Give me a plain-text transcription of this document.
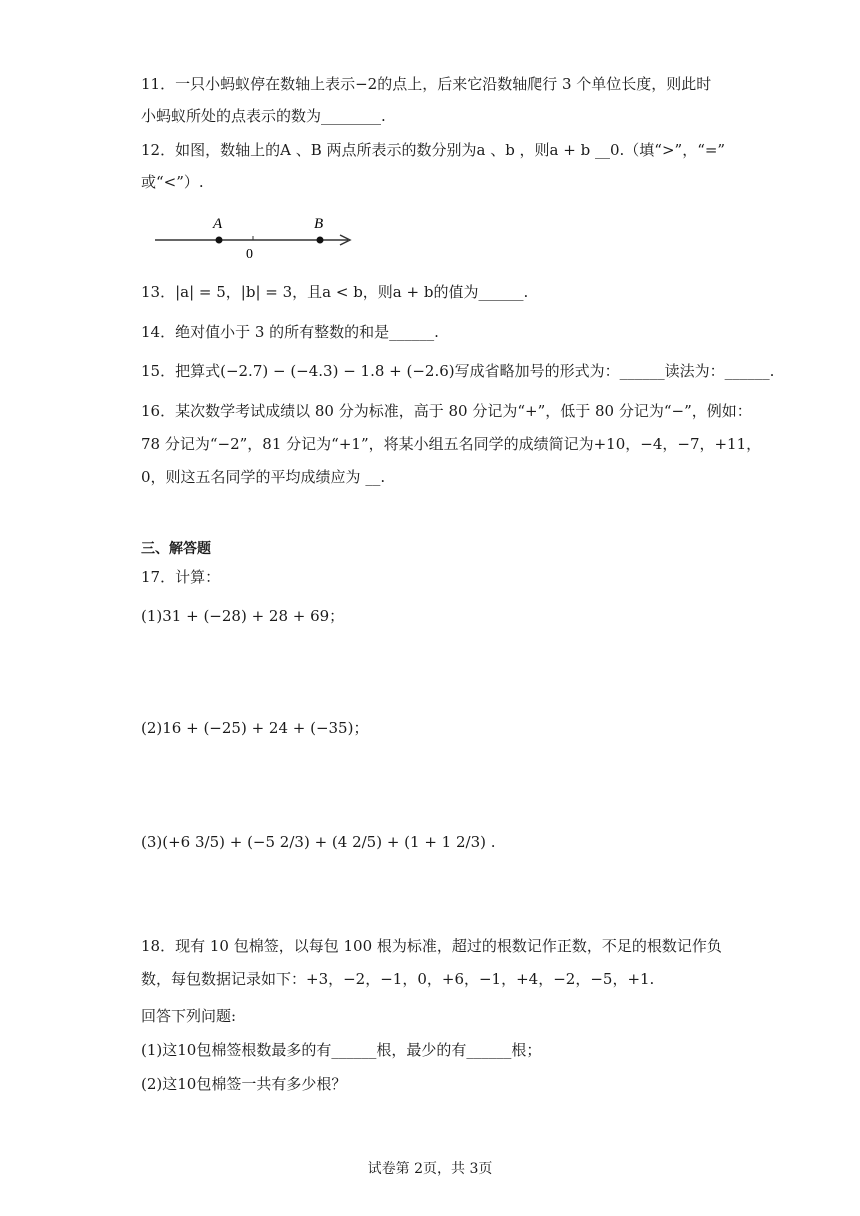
11．一只小蚂蚁停在数轴上表示−2的点上，后来它沿数轴爬行 3 个单位长度，则此时
小蚂蚁所处的点表示的数为________.
12．如图，数轴上的A 、B 两点所表示的数分别为a 、b ，则a + b __0.（填“>”，“=”
或“<”）.
A	B
0
13．|a| = 5，|b| = 3，且a < b，则a + b的值为______.
14．绝对值小于 3 的所有整数的和是______.
15．把算式(−2.7) − (−4.3) − 1.8 + (−2.6)写成省略加号的形式为：______读法为：______.
16．某次数学考试成绩以 80 分为标准，高于 80 分记为“+”，低于 80 分记为“−”，例如：
78 分记为“−2”，81 分记为“+1”，将某小组五名同学的成绩简记为+10，−4，−7，+11，
0，则这五名同学的平均成绩应为 __.
三、解答题
17．计算：
(1)31 + (−28) + 28 + 69；
(2)16 + (−25) + 24 + (−35)；
(3)(+6 3/5) + (−5 2/3) + (4 2/5) + (1 + 1 2/3) .
18．现有 10 包棉签，以每包 100 根为标准，超过的根数记作正数，不足的根数记作负
数，每包数据记录如下：+3，−2，−1，0，+6，−1，+4，−2，−5，+1.
回答下列问题:
(1)这10包棉签根数最多的有______根，最少的有______根；
(2)这10包棉签一共有多少根？
试卷第 2页，共 3页
